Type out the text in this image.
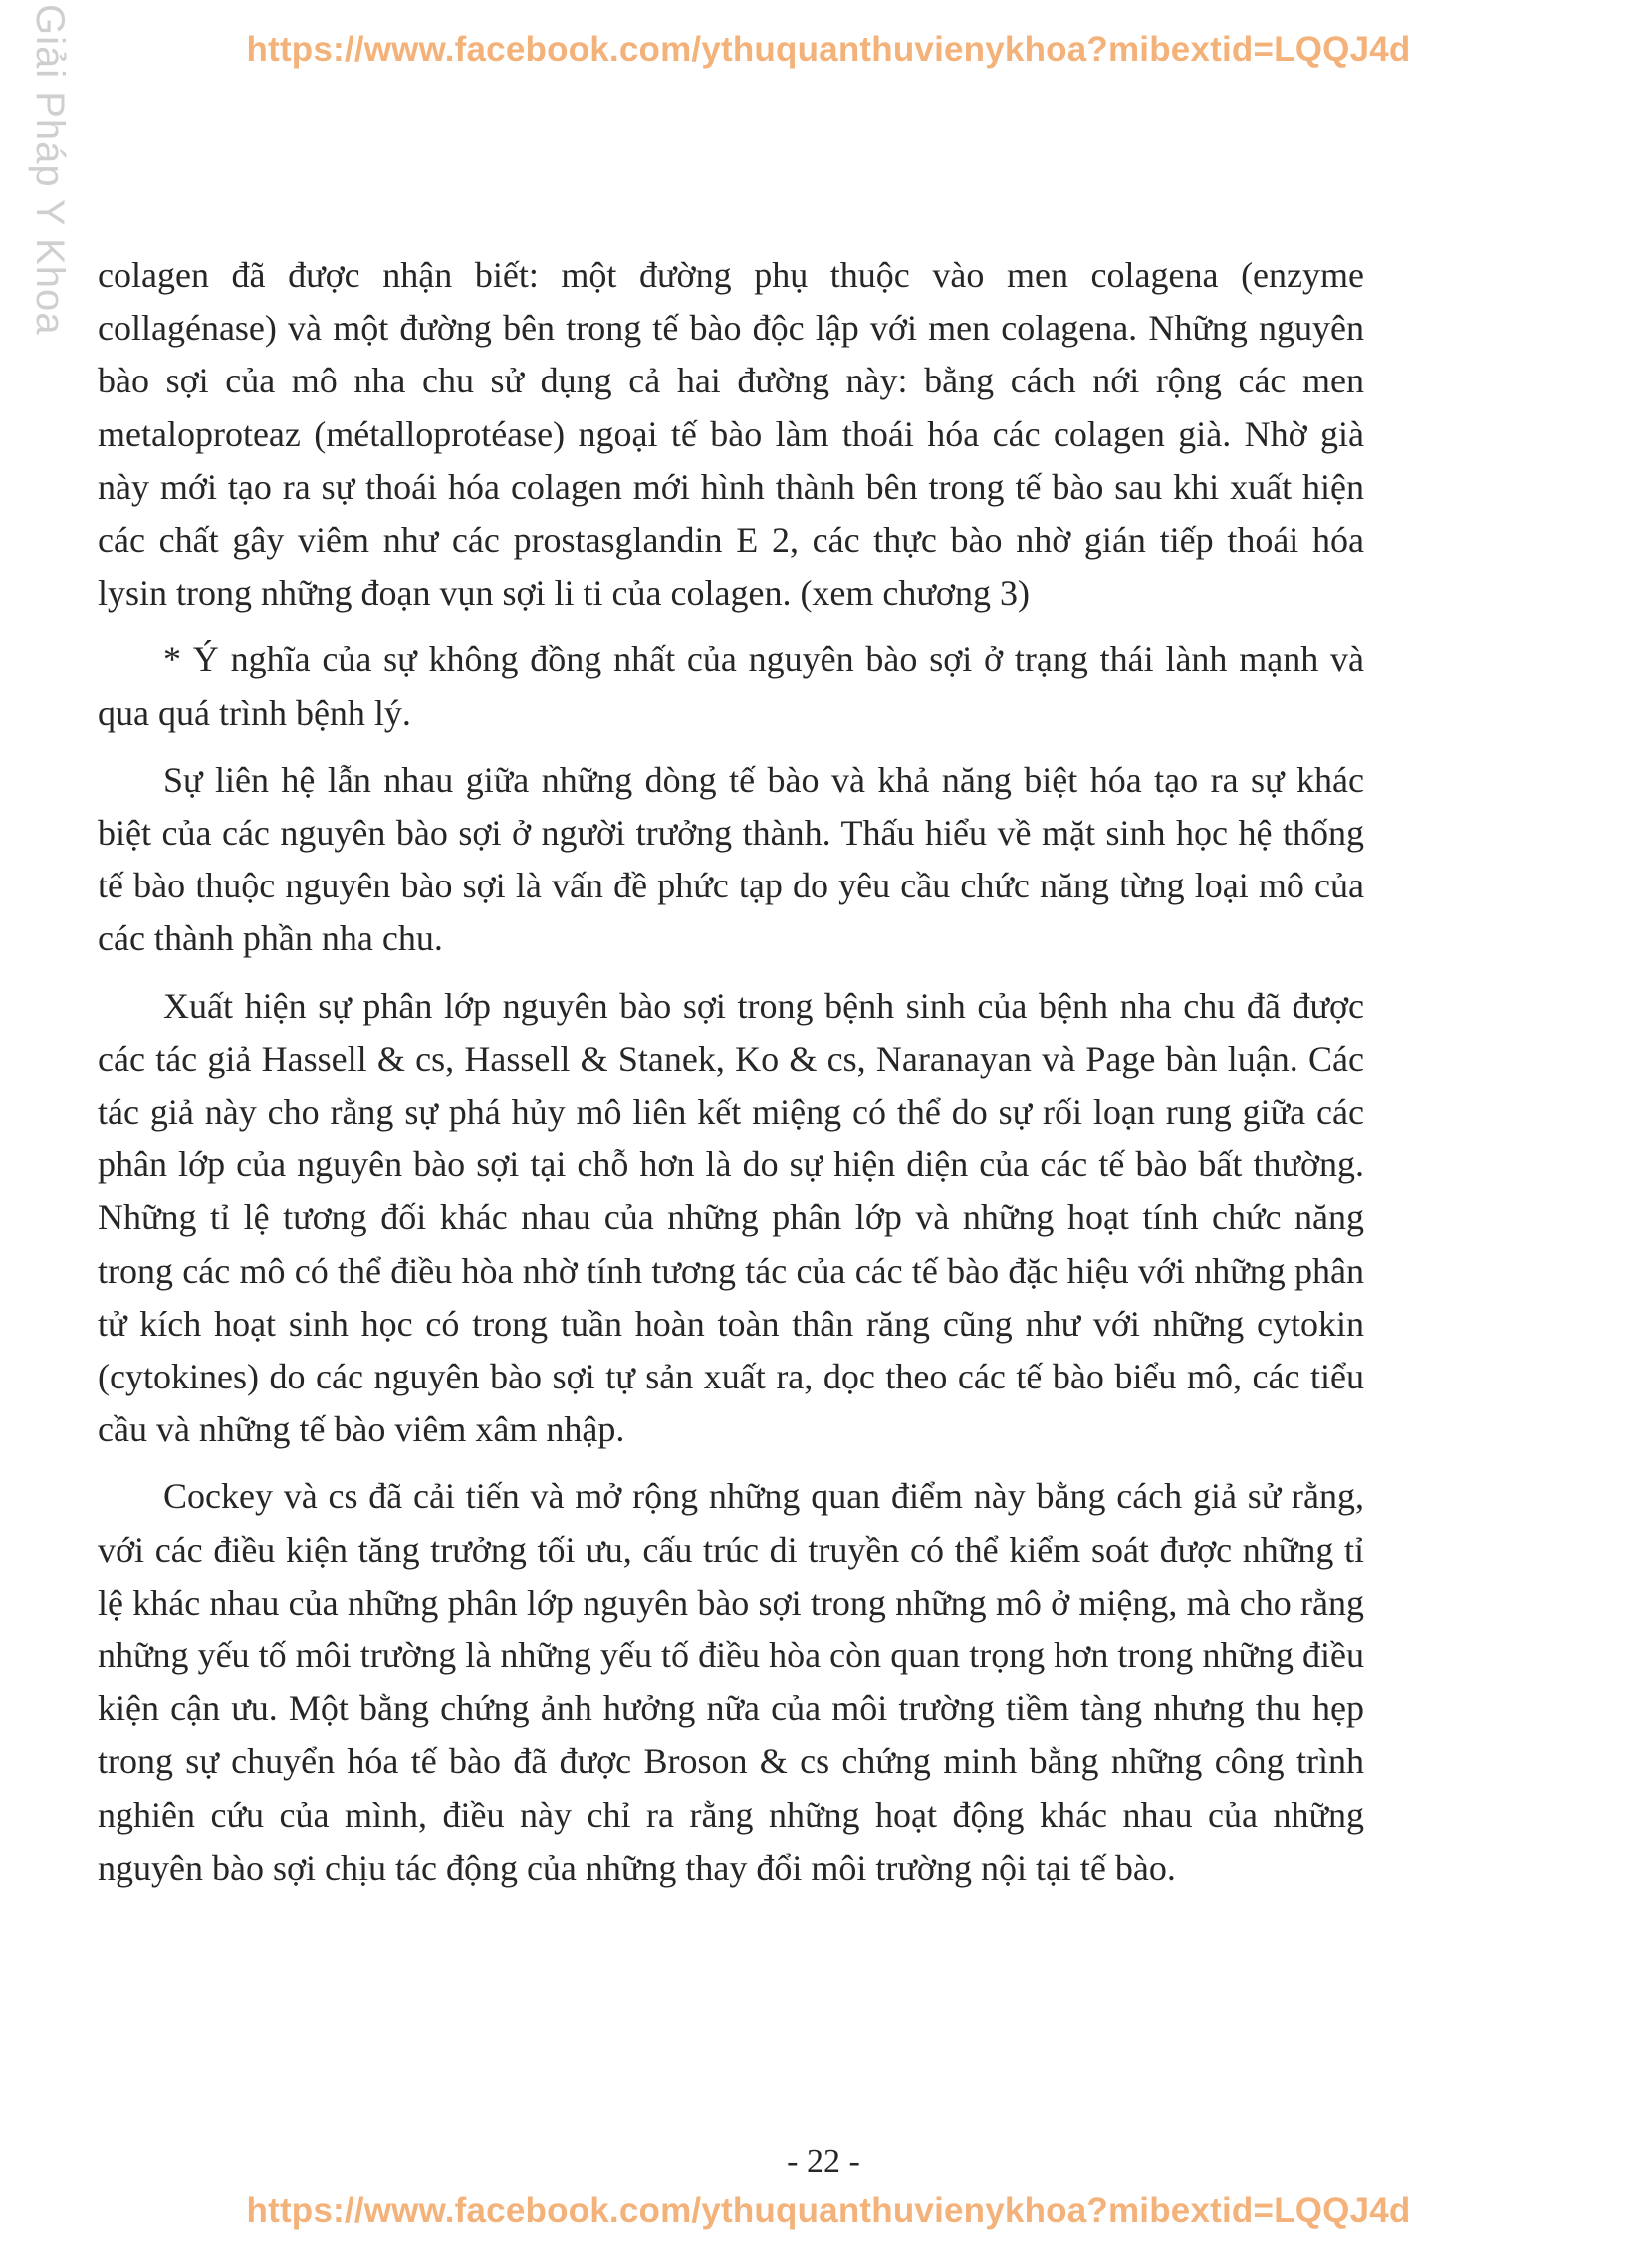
https://www.facebook.com/ythuquanthuvienykhoa?mibextid=LQQJ4d
Giải Pháp Y Khoa colagen đã được nhận biết: một đường phụ thuộc vào men colagena (enzyme collagénase) và một đường bên trong tế bào độc lập với men colagena. Những nguyên bào sợi của mô nha chu sử dụng cả hai đường này: bằng cách nới rộng các men metaloproteaz (métalloprotéase) ngoại tế bào làm thoái hóa các colagen già. Nhờ già này mới tạo ra sự thoái hóa colagen mới hình thành bên trong tế bào sau khi xuất hiện các chất gây viêm như các prostasglandin E 2, các thực bào nhờ gián tiếp thoái hóa lysin trong những đoạn vụn sợi li ti của colagen. (xem chương 3)

* Ý nghĩa của sự không đồng nhất của nguyên bào sợi ở trạng thái lành mạnh và qua quá trình bệnh lý.

Sự liên hệ lẫn nhau giữa những dòng tế bào và khả năng biệt hóa tạo ra sự khác biệt của các nguyên bào sợi ở người trưởng thành. Thấu hiểu về mặt sinh học hệ thống tế bào thuộc nguyên bào sợi là vấn đề phức tạp do yêu cầu chức năng từng loại mô của các thành phần nha chu.

Xuất hiện sự phân lớp nguyên bào sợi trong bệnh sinh của bệnh nha chu đã được các tác giả Hassell & cs, Hassell & Stanek, Ko & cs, Naranayan và Page bàn luận. Các tác giả này cho rằng sự phá hủy mô liên kết miệng có thể do sự rối loạn rung giữa các phân lớp của nguyên bào sợi tại chỗ hơn là do sự hiện diện của các tế bào bất thường. Những tỉ lệ tương đối khác nhau của những phân lớp và những hoạt tính chức năng trong các mô có thể điều hòa nhờ tính tương tác của các tế bào đặc hiệu với những phân tử kích hoạt sinh học có trong tuần hoàn toàn thân răng cũng như với những cytokin (cytokines) do các nguyên bào sợi tự sản xuất ra, dọc theo các tế bào biểu mô, các tiểu cầu và những tế bào viêm xâm nhập.

Cockey và cs đã cải tiến và mở rộng những quan điểm này bằng cách giả sử rằng, với các điều kiện tăng trưởng tối ưu, cấu trúc di truyền có thể kiểm soát được những tỉ lệ khác nhau của những phân lớp nguyên bào sợi trong những mô ở miệng, mà cho rằng những yếu tố môi trường là những yếu tố điều hòa còn quan trọng hơn trong những điều kiện cận ưu. Một bằng chứng ảnh hưởng nữa của môi trường tiềm tàng nhưng thu hẹp trong sự chuyển hóa tế bào đã được Broson & cs chứng minh bằng những công trình nghiên cứu của mình, điều này chỉ ra rằng những hoạt động khác nhau của những nguyên bào sợi chịu tác động của những thay đổi môi trường nội tại tế bào.

- 22 -
https://www.facebook.com/ythuquanthuvienykhoa?mibextid=LQQJ4d
